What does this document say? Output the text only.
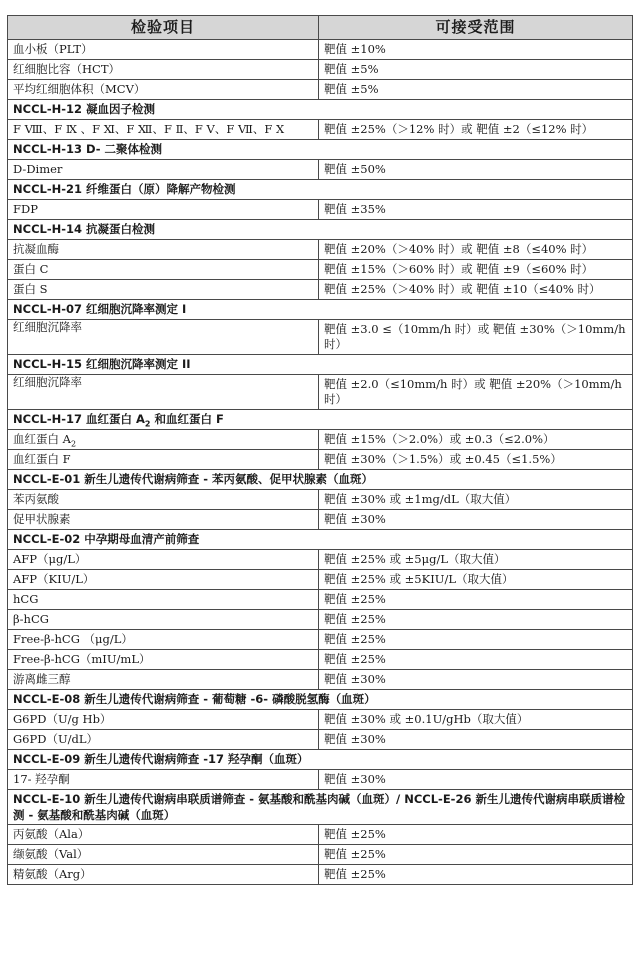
检验项目	可接受范围
血小板（PLT）	靶值 ±10%
红细胞比容（HCT）	靶值 ±5%
平均红细胞体积（MCV）	靶值 ±5%
NCCL-H-12 凝血因子检测	
F Ⅷ、F Ⅸ 、F Ⅺ、F Ⅻ、F Ⅱ、F Ⅴ、F Ⅶ、F Ⅹ	靶值 ±25%（＞12% 时）或 靶值 ±2（≤12% 时）
NCCL-H-13 D- 二聚体检测	
D-Dimer	靶值 ±50%
NCCL-H-21 纤维蛋白（原）降解产物检测	
FDP	靶值 ±35%
NCCL-H-14 抗凝蛋白检测	
抗凝血酶	靶值 ±20%（＞40% 时）或 靶值 ±8（≤40% 时）
蛋白 C	靶值 ±15%（＞60% 时）或 靶值 ±9（≤60% 时）
蛋白 S	靶值 ±25%（＞40% 时）或 靶值 ±10（≤40% 时）
NCCL-H-07 红细胞沉降率测定 I	
红细胞沉降率	靶值 ±3.0 ≤（10mm/h 时）或 靶值 ±30%（＞10mm/h 时）
NCCL-H-15 红细胞沉降率测定 II	
红细胞沉降率	靶值 ±2.0（≤10mm/h 时）或 靶值 ±20%（＞10mm/h 时）
NCCL-H-17 血红蛋白 $A_2$ 和血红蛋白 F	
血红蛋白 $A_2$	靶值 ±15%（＞2.0%）或 ±0.3（≤2.0%）
血红蛋白 F	靶值 ±30%（＞1.5%）或 ±0.45（≤1.5%）
NCCL-E-01 新生儿遗传代谢病筛查 - 苯丙氨酸、促甲状腺素（血斑）	
苯丙氨酸	靶值 ±30% 或 ±1mg/dL（取大值）
促甲状腺素	靶值 ±30%
NCCL-E-02 中孕期母血清产前筛查	
AFP（μg/L）	靶值 ±25% 或 ±5μg/L（取大值）
AFP（KIU/L）	靶值 ±25% 或 ±5KIU/L（取大值）
hCG	靶值 ±25%
β-hCG	靶值 ±25%
Free-β-hCG （μg/L）	靶值 ±25%
Free-β-hCG（mIU/mL）	靶值 ±25%
游离雌三醇	靶值 ±30%
NCCL-E-08 新生儿遗传代谢病筛查 - 葡萄糖 -6- 磷酸脱氢酶（血斑）	
G6PD（U/g Hb）	靶值 ±30% 或 ±0.1U/gHb（取大值）
G6PD（U/dL）	靶值 ±30%
NCCL-E-09 新生儿遗传代谢病筛查 -17 羟孕酮（血斑）	
17- 羟孕酮	靶值 ±30%
NCCL-E-10 新生儿遗传代谢病串联质谱筛查 - 氨基酸和酰基肉碱（血斑）/ NCCL-E-26 新生儿遗传代谢病串联质谱检测 - 氨基酸和酰基肉碱（血斑）	
丙氨酸（Ala）	靶值 ±25%
缬氨酸（Val）	靶值 ±25%
精氨酸（Arg）	靶值 ±25%
